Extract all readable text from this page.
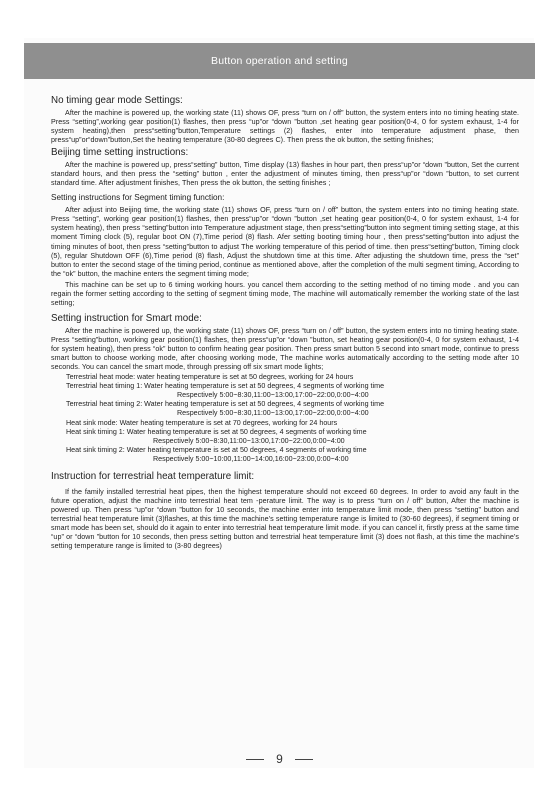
Button operation and setting

No timing gear mode Settings:

After the machine is powered up, the working state (11) shows OF, press “turn on / off” button, the system enters into no timing heating state. Press “setting”,working gear position(1) flashes, then press “up”or “down ”button ,set heating gear position(0-4, 0 for system exhaust, 1-4 for system heating),then press“setting”button,Temperature settings (2) flashes, enter into temperature adjustment phase, then press“up”or“down”button,Set the heating temperature (30-80 degrees C). Then press the ok button, the setting finishes;

Beijing time setting instructions:

After the machine is powered up, press“setting” button, Time display (13) flashes in hour part, then press“up”or “down ”button, Set the current standard hours, and then press the “setting” button , enter the adjustment of minutes timing, then press“up”or “down ”button, to set current standard time. After adjustment finishes, Then press the ok button, the setting finishes ;

Setting instructions for Segment timing function:

After adjust into Beijing time, the working state (11) shows OF, press “turn on / off” button, the system enters into no timing heating state. Press “setting”, working gear position(1) flashes, then press“up”or “down ”button ,set heating gear position(0-4, 0 for system exhaust, 1-4 for system heating), then press “setting”button into Temperature adjustment stage, then press“setting”button into segment timing setting stage, at this moment Timing clock (5), regular boot ON (7),Time period (8) flash. Afer setting booting timing hour , then press“setting”button into adjust the timing minutes of boot, then press “setting”button to adjust The working temperature of this period of time. then press“setting”button, Timing clock (5), regular Shutdown OFF (6),Time period (8) flash, Adjust the shutdown time at this time. After adjusting the shutdown time, press the “set” button to enter the second stage of the timing period, continue as mentioned above, after the completion of the multi segment timing, According to the “ok” button, the machine enters the segment timing mode;

This machine can be set up to 6 timing working hours. you cancel them according to the setting method of no timing mode . and you can regain the former setting according to the setting of segment timing mode, The machine will automatically remember the working state of the last setting;

Setting instruction for Smart mode:

After the machine is powered up, the working state (11) shows OF, press “turn on / off” button, the system enters into no timing heating state. Press “setting”button, working gear position(1) flashes, then press“up”or “down ”button, set heating gear position(0-4, 0 for system exhaust, 1-4 for system heating), then press “ok” button to confirm heating gear position. Then press smart button 5 second into smart mode, continue to press smart button to choose working mode, after choosing working mode, The machine works automatically according to the setting mode after 10 seconds. You can cancel the smart mode, through pressing off six smart mode lights;

Terrestrial heat mode: water heating temperature is set at 50 degrees, working for 24 hours
Terrestrial heat timing 1: Water heating temperature is set at 50 degrees, 4 segments of working time
Respectively 5:00~8:30,11:00~13:00,17:00~22:00,0:00~4:00
Terrestrial heat timing 2: Water heating temperature is set at 50 degrees, 4 segments of working time
Respectively 5:00~8:30,11:00~13:00,17:00~22:00,0:00~4:00
Heat sink mode: Water heating temperature is set at 70 degrees, working for 24 hours
Heat sink timing 1: Water heating temperature is set at 50 degrees, 4 segments of working time
Respectively 5:00~8:30,11:00~13:00,17:00~22:00,0:00~4:00
Heat sink timing 2: Water heating temperature is set at 50 degrees, 4 segments of working time
Respectively 5:00~10:00,11:00~14:00,16:00~23:00,0:00~4:00

Instruction for terrestrial heat temperature limit:

If the family installed terrestrial heat pipes, then the highest temperature should not exceed 60 degrees. In order to avoid any fault in the future operation, adjust the machine into terrestrial heat tem -perature limit. The way is to press “turn on / off” button, After the machine is powered up. Then press “up”or “down ”button for 10 seconds, the machine enter into temperature limit mode, then press “setting” button and terrestrial heat temperature limit (3)flashes, at this time the machine’s setting temperature range is limited to (30-60 degrees), if segment timing or smart mode has been set, should do it again to enter into terrestrial heat temperature limit mode. if you can cancel it, firstly press at the same time “up” or “down ”button for 10 seconds, then press setting button and terrestrial heat temperature limit (3) does not flash, at this time the machine’s setting temperature range is limited to (3-80 degrees)

9
